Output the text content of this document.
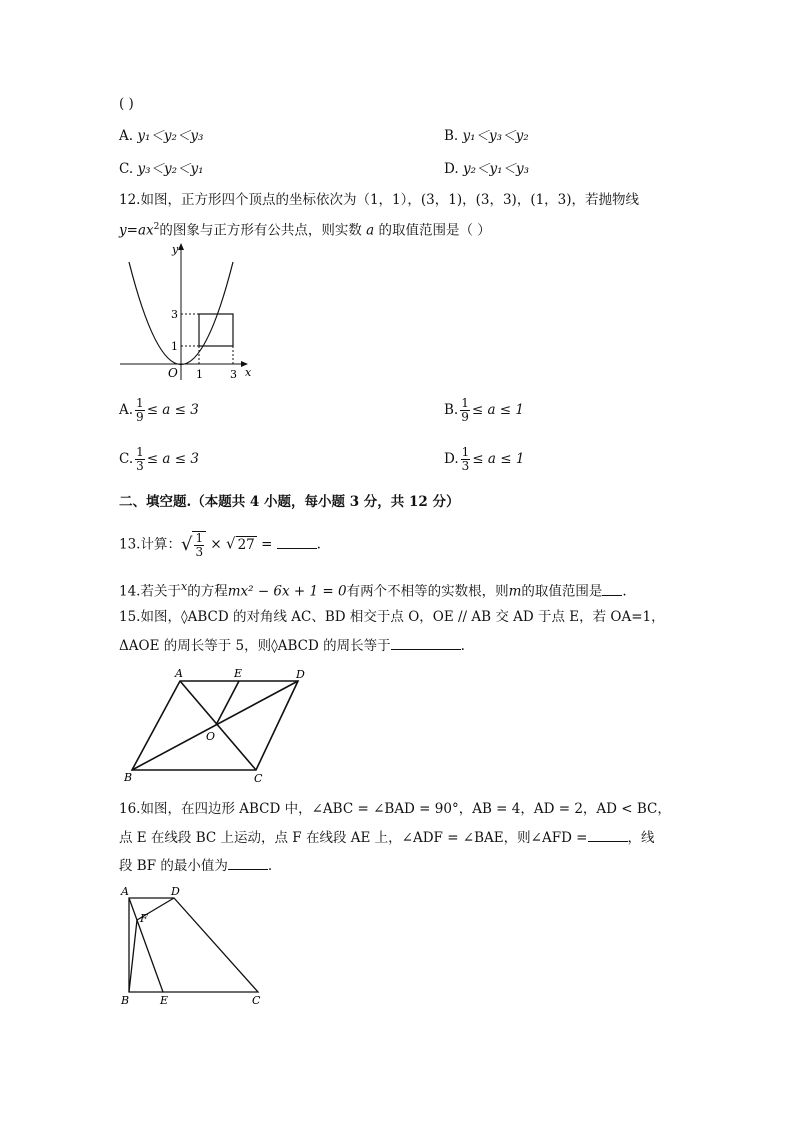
( )
A. y₁＜y₂＜y₃	B. y₁＜y₃＜y₂
C. y₃＜y₂＜y₁	D. y₂＜y₁＜y₃
12.如图，正方形四个顶点的坐标依次为（1，1），(3，1)，(3，3)，(1，3)，若抛物线
$y=ax^2$的图象与正方形有公共点，则实数 a 的取值范围是（ ）
y
x
O 1 3
1
3
A. $\frac{1}{9} \le a \le 3$	B. $\frac{1}{9} \le a \le 1$
C. $\frac{1}{3} \le a \le 3$	D. $\frac{1}{3} \le a \le 1$
二、填空题.（本题共 4 小题，每小题 3 分，共 12 分）
13.计算：√ $\frac{1}{3}$ × √ 27 =	.
14.若关于$^x$的方程mx² − 6x + 1 = 0有两个不相等的实数根，则m的取值范围是 .
15.如图，◊ABCD 的对角线 AC、BD 相交于点 O，OE // AB 交 AD 于点 E，若 OA=1，
ΔAOE 的周长等于 5，则◊ABCD 的周长等于	.
A	E	D
O
B	C
16.如图，在四边形 ABCD 中，∠ABC = ∠BAD = 90°，AB = 4，AD = 2，AD < BC，
点 E 在线段 BC 上运动，点 F 在线段 AE 上，∠ADF = ∠BAE，则∠AFD =	，线
段 BF 的最小值为	.
A	D
F
B	E	C
